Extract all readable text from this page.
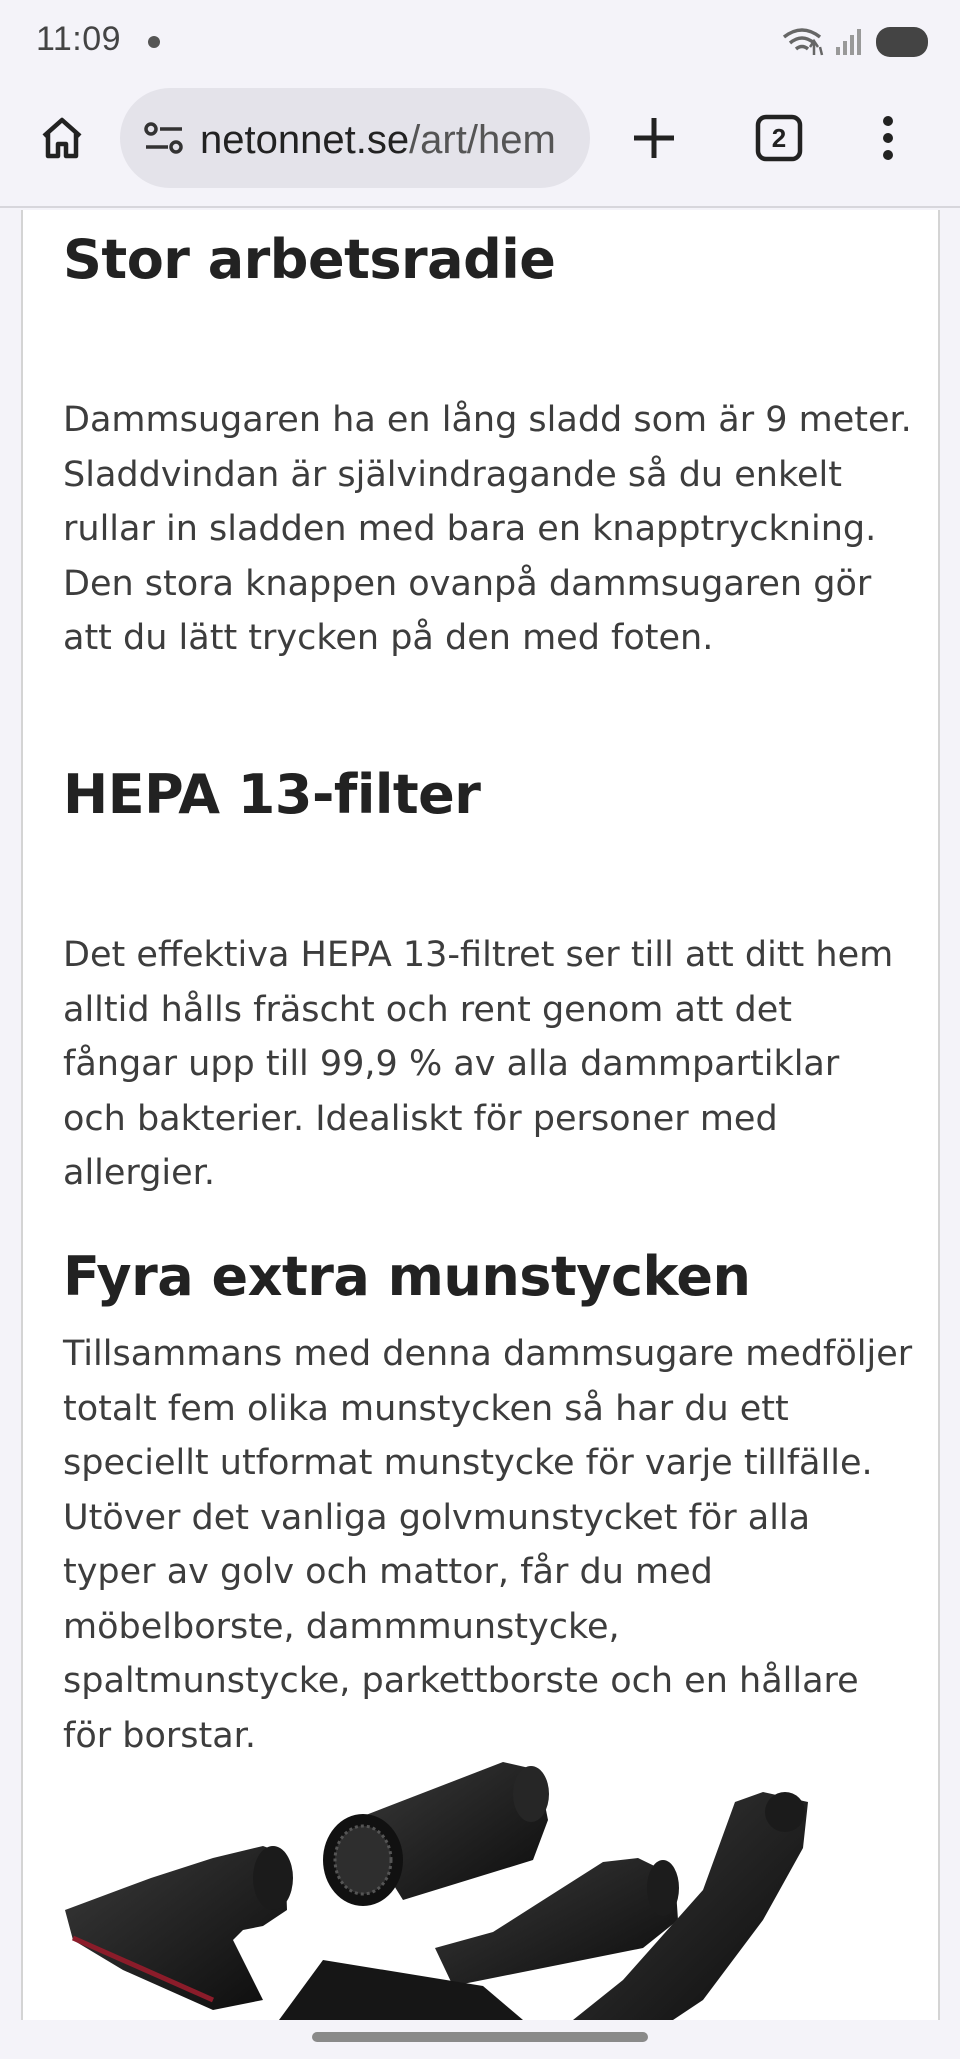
11:09
netonnet.se/art/hem	2
Stor arbetsradie

Dammsugaren ha en lång sladd som är 9 meter. Sladdvindan är självindragande så du enkelt rullar in sladden med bara en knapptryckning. Den stora knappen ovanpå dammsugaren gör att du lätt trycken på den med foten.

HEPA 13-filter

Det effektiva HEPA 13-filtret ser till att ditt hem alltid hålls fräscht och rent genom att det fångar upp till 99,9 % av alla dammpartiklar och bakterier. Idealiskt för personer med allergier.

Fyra extra munstycken

Tillsammans med denna dammsugare medföljer totalt fem olika munstycken så har du ett speciellt utformat munstycke för varje tillfälle. Utöver det vanliga golvmunstycket för alla typer av golv och mattor, får du med möbelborste, dammmunstycke, spaltmunstycke, parkettborste och en hållare för borstar.
